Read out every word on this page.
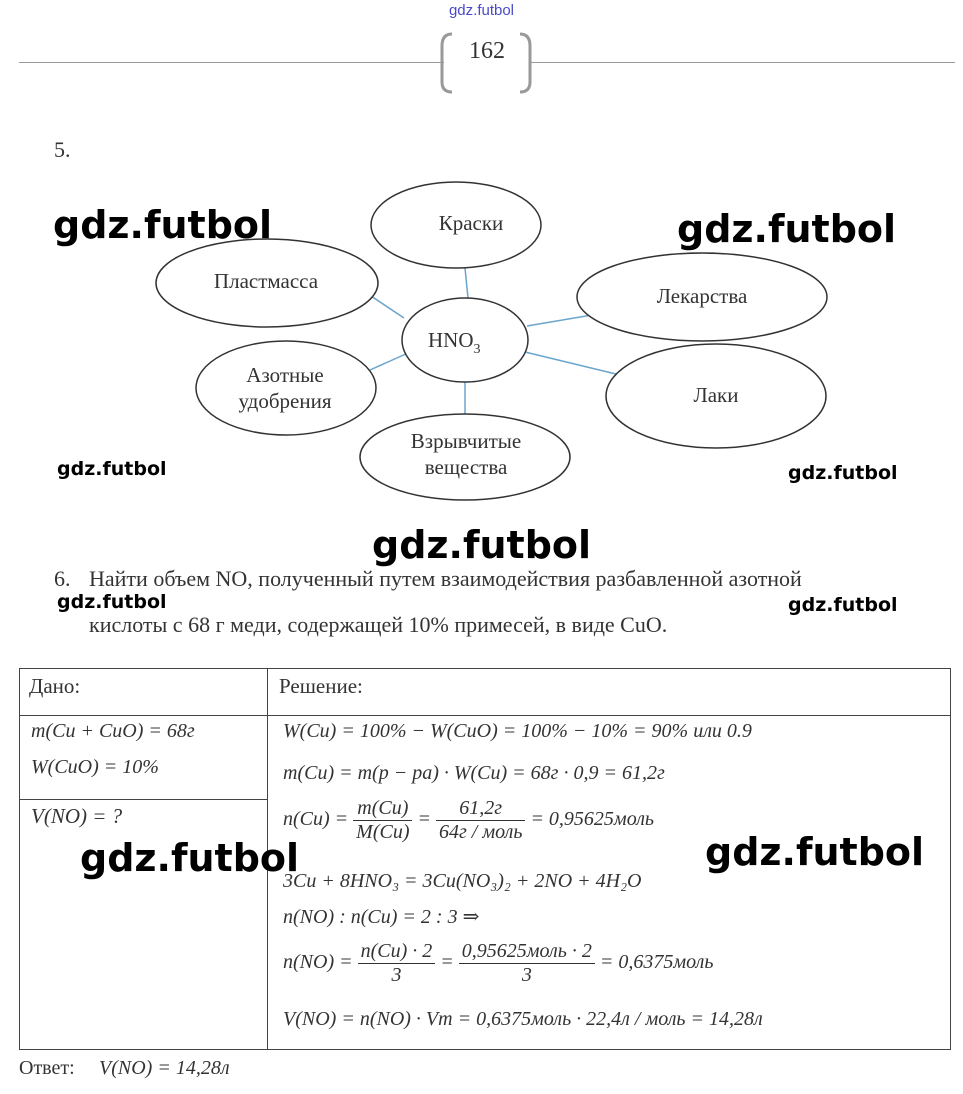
gdz.futbol
162
5.
$HNO_3$
Краски
Пластмасса
Лекарства
Азотные
удобрения	Лаки
Взрывчитые
вещества
6. Найти объем NO, полученный путем взаимодействия разбавленной азотной
кислоты с 68 г меди, содержащей 10% примесей, в виде CuO.
Дано:	Решение:
m(Cu + CuO) = 68г
W(CuO) = 10%
V(NO) = ?
W(Cu) = 100% − W(CuO) = 100% − 10% = 90% или 0.9
m(Cu) = m(p − pa) · W(Cu) = 68г · 0,9 = 61,2г
$n(Cu) = \frac{m(Cu)}{M(Cu)} = \frac{61,2г}{\text{64г / моль}}$ = 0,95625моль
3Cu + 8HNO₃ = 3Cu(NO₃)₂ + 2NO + 4H₂O
n(NO) : n(Cu) = 2 : 3 ⇒
$n(NO) = \frac{n(Cu) \cdot 2}{3} = \frac{\text{0,95625моль · 2}}{3}$ = 0,6375моль
V(NO) = n(NO) · Vm = 0,6375моль · 22,4л / моль = 14,28л
Ответ: V(NO) = 14,28л
gdz.futbol	gdz.futbol
gdz.futbol	gdz.futbol
gdz.futbol
gdz.futbol	gdz.futbol
gdz.futbol	gdz.futbol
